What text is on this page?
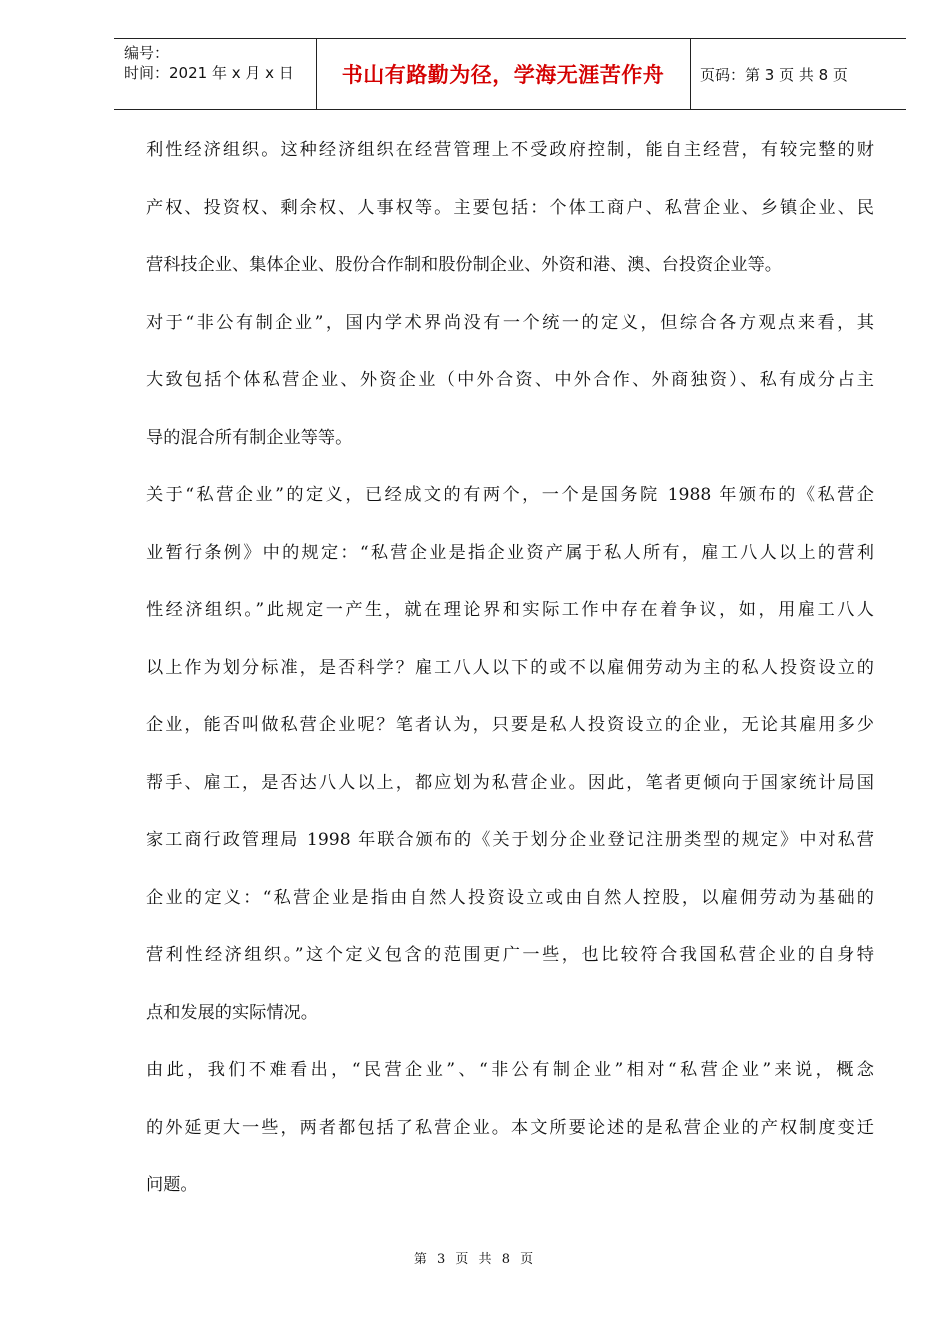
编号：
时间：2021 年 x 月 x 日	书山有路勤为径，学海无涯苦作舟	页码：第 3 页 共 8 页
利性经济组织。这种经济组织在经营管理上不受政府控制，能自主经营，有较完整的财
产权、投资权、剩余权、人事权等。主要包括：个体工商户、私营企业、乡镇企业、民
营科技企业、集体企业、股份合作制和股份制企业、外资和港、澳、台投资企业等。
对于“非公有制企业”，国内学术界尚没有一个统一的定义，但综合各方观点来看，其
大致包括个体私营企业、外资企业（中外合资、中外合作、外商独资）、私有成分占主
导的混合所有制企业等等。
关于“私营企业”的定义，已经成文的有两个，一个是国务院 1988 年颁布的《私营企
业暂行条例》中的规定：“私营企业是指企业资产属于私人所有，雇工八人以上的营利
性经济组织。”此规定一产生，就在理论界和实际工作中存在着争议，如，用雇工八人
以上作为划分标准，是否科学？雇工八人以下的或不以雇佣劳动为主的私人投资设立的
企业，能否叫做私营企业呢？笔者认为，只要是私人投资设立的企业，无论其雇用多少
帮手、雇工，是否达八人以上，都应划为私营企业。因此，笔者更倾向于国家统计局国
家工商行政管理局 1998 年联合颁布的《关于划分企业登记注册类型的规定》中对私营
企业的定义：“私营企业是指由自然人投资设立或由自然人控股，以雇佣劳动为基础的
营利性经济组织。”这个定义包含的范围更广一些，也比较符合我国私营企业的自身特
点和发展的实际情况。
由此，我们不难看出，“民营企业”、“非公有制企业”相对“私营企业”来说，概念
的外延更大一些，两者都包括了私营企业。本文所要论述的是私营企业的产权制度变迁
问题。
第 3 页 共 8 页
